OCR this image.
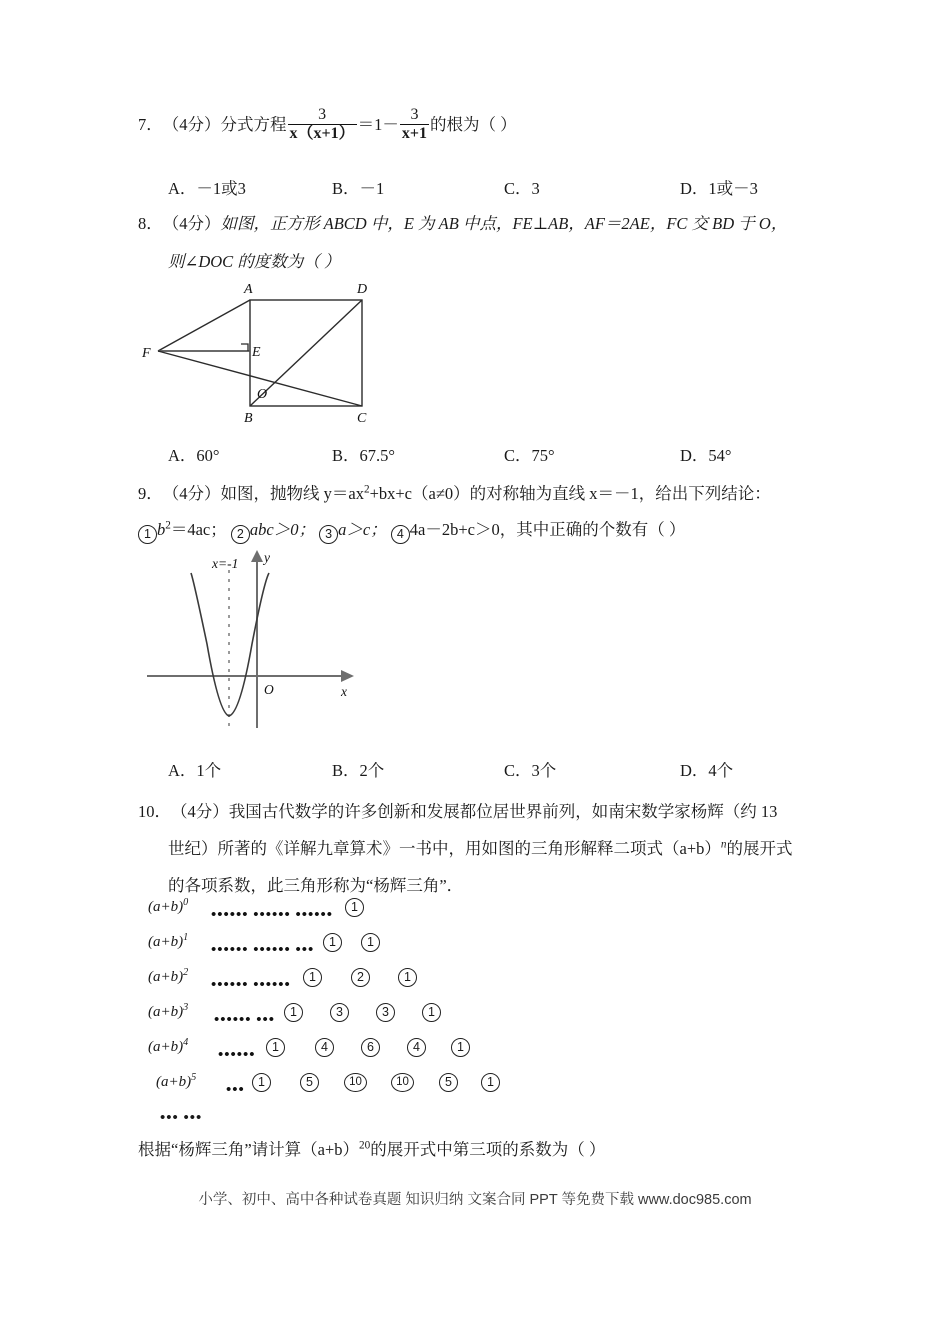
7．（4分）分式方程 $\frac{3}{x(x+1)} =1- \frac{3}{x+1}$ 的根为（ ）
A．－1或3	B．－1	C．3	D．1或－3
8．（4分）如图，正方形 ABCD 中，E 为 AB 中点，FE⊥AB，AF＝2AE，FC 交 BD 于 O，
则∠DOC 的度数为（ ）
A	D
F	E
O
B	C
A．60°	B．67.5°	C．75°	D．54°
9．（4分）如图，抛物线 $y=ax^2+bx+c(a\ne 0)$的对称轴为直线 x＝－1，给出下列结论：
1 $b^2=4ac$； 2 abc＞0； 3 a＞c； 4 4a－2b+c＞0，其中正确的个数有（ ）
x=-1 y
O	x
A．1个	B．2个	C．3个	D．4个
10．（4分）我国古代数学的许多创新和发展都位居世界前列，如南宋数学家杨辉（约 13
世纪）所著的《详解九章算术》一书中，用如图的三角形解释二项式$(a+b)^n$的展开式
的各项系数，此三角形称为“杨辉三角”．
$(a+b)^0$
•••••• •••••• ••••••	1
$(a+b)^1$
•••••• •••••• •••	1	1
$(a+b)^2$
•••••• ••••••	1	2	1
$(a+b)^3$
•••••• •••	1	3	3	1
$(a+b)^4$
••••••	1	4	6	4	1
$(a+b)^5$
•••	1	5	10	10	5	1
••• •••
根据“杨辉三角”请计算$(a+b)^{20}$的展开式中第三项的系数为（ ）
小学、初中、高中各种试卷真题 知识归纳 文案合同 PPT 等免费下载 www.doc985.com
